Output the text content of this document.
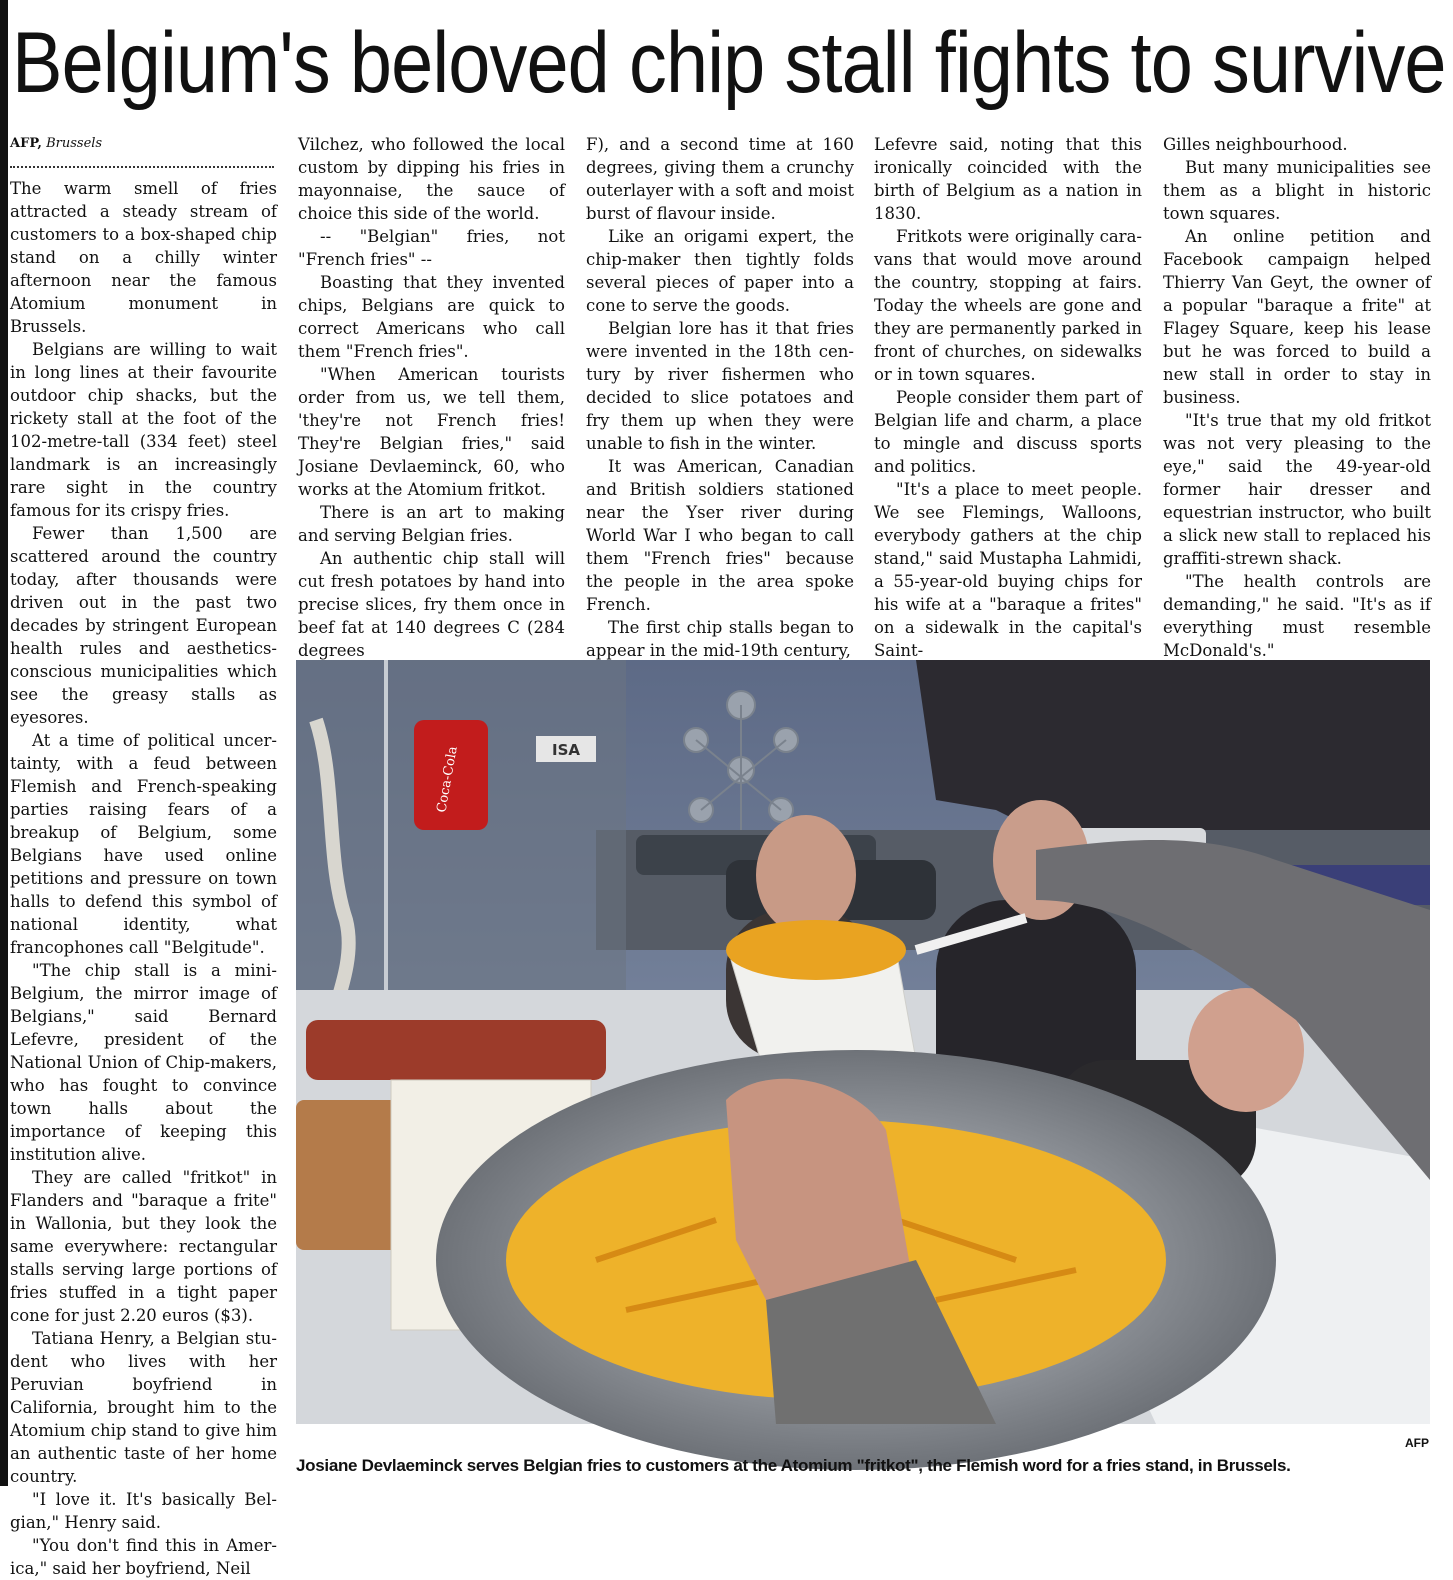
Belgium's beloved chip stall fights to survive
AFP, Brussels

The warm smell of fries attracted a steady stream of customers to a box-shaped chip stand on a chilly winter afternoon near the famous Atomium monument in Brussels.

Belgians are willing to wait in long lines at their favourite outdoor chip shacks, but the rickety stall at the foot of the 102-metre-tall (334 feet) steel landmark is an increasingly rare sight in the country famous for its crispy fries.

Fewer than 1,500 are scattered around the country today, after thousands were driven out in the past two decades by stringent European health rules and aesthetics-conscious municipalities which see the greasy stalls as eyesores.

At a time of political uncertainty, with a feud between Flemish and French-speaking parties raising fears of a breakup of Belgium, some Belgians have used online petitions and pressure on town halls to defend this symbol of national identity, what francophones call "Belgitude".

"The chip stall is a mini-Belgium, the mirror image of Belgians," said Bernard Lefevre, president of the National Union of Chip-makers, who has fought to convince town halls about the importance of keeping this institution alive.

They are called "fritkot" in Flanders and "baraque a frite" in Wallonia, but they look the same everywhere: rectangular stalls serving large portions of fries stuffed in a tight paper cone for just 2.20 euros ($3).

Tatiana Henry, a Belgian student who lives with her Peruvian boyfriend in California, brought him to the Atomium chip stand to give him an authentic taste of her home country.

"I love it. It's basically Belgian," Henry said.

"You don't find this in America," said her boyfriend, Neil

Vilchez, who followed the local custom by dipping his fries in mayonnaise, the sauce of choice this side of the world.

-- "Belgian" fries, not "French fries" --

Boasting that they invented chips, Belgians are quick to correct Americans who call them "French fries".

"When American tourists order from us, we tell them, 'they're not French fries! They're Belgian fries," said Josiane Devlaeminck, 60, who works at the Atomium fritkot.

There is an art to making and serving Belgian fries.

An authentic chip stall will cut fresh potatoes by hand into precise slices, fry them once in beef fat at 140 degrees C (284 degrees

F), and a second time at 160 degrees, giving them a crunchy outerlayer with a soft and moist burst of flavour inside.

Like an origami expert, the chip-maker then tightly folds several pieces of paper into a cone to serve the goods.

Belgian lore has it that fries were invented in the 18th century by river fishermen who decided to slice potatoes and fry them up when they were unable to fish in the winter.

It was American, Canadian and British soldiers stationed near the Yser river during World War I who began to call them "French fries" because the people in the area spoke French.

The first chip stalls began to appear in the mid-19th century,

Lefevre said, noting that this ironically coincided with the birth of Belgium as a nation in 1830.

Fritkots were originally caravans that would move around the country, stopping at fairs. Today the wheels are gone and they are permanently parked in front of churches, on sidewalks or in town squares.

People consider them part of Belgian life and charm, a place to mingle and discuss sports and politics.

"It's a place to meet people. We see Flemings, Walloons, everybody gathers at the chip stand," said Mustapha Lahmidi, a 55-year-old buying chips for his wife at a "baraque a frites" on a sidewalk in the capital's Saint-

Gilles neighbourhood.

But many municipalities see them as a blight in historic town squares.

An online petition and Facebook campaign helped Thierry Van Geyt, the owner of a popular "baraque a frite" at Flagey Square, keep his lease but he was forced to build a new stall in order to stay in business.

"It's true that my old fritkot was not very pleasing to the eye," said the 49-year-old former hair dresser and equestrian instructor, who built a slick new stall to replaced his graffiti-strewn shack.

"The health controls are demanding," he said. "It's as if everything must resemble McDonald's."

Coca-Cola	ISA
AFP
Josiane Devlaeminck serves Belgian fries to customers at the Atomium "fritkot", the Flemish word for a fries stand, in Brussels.
